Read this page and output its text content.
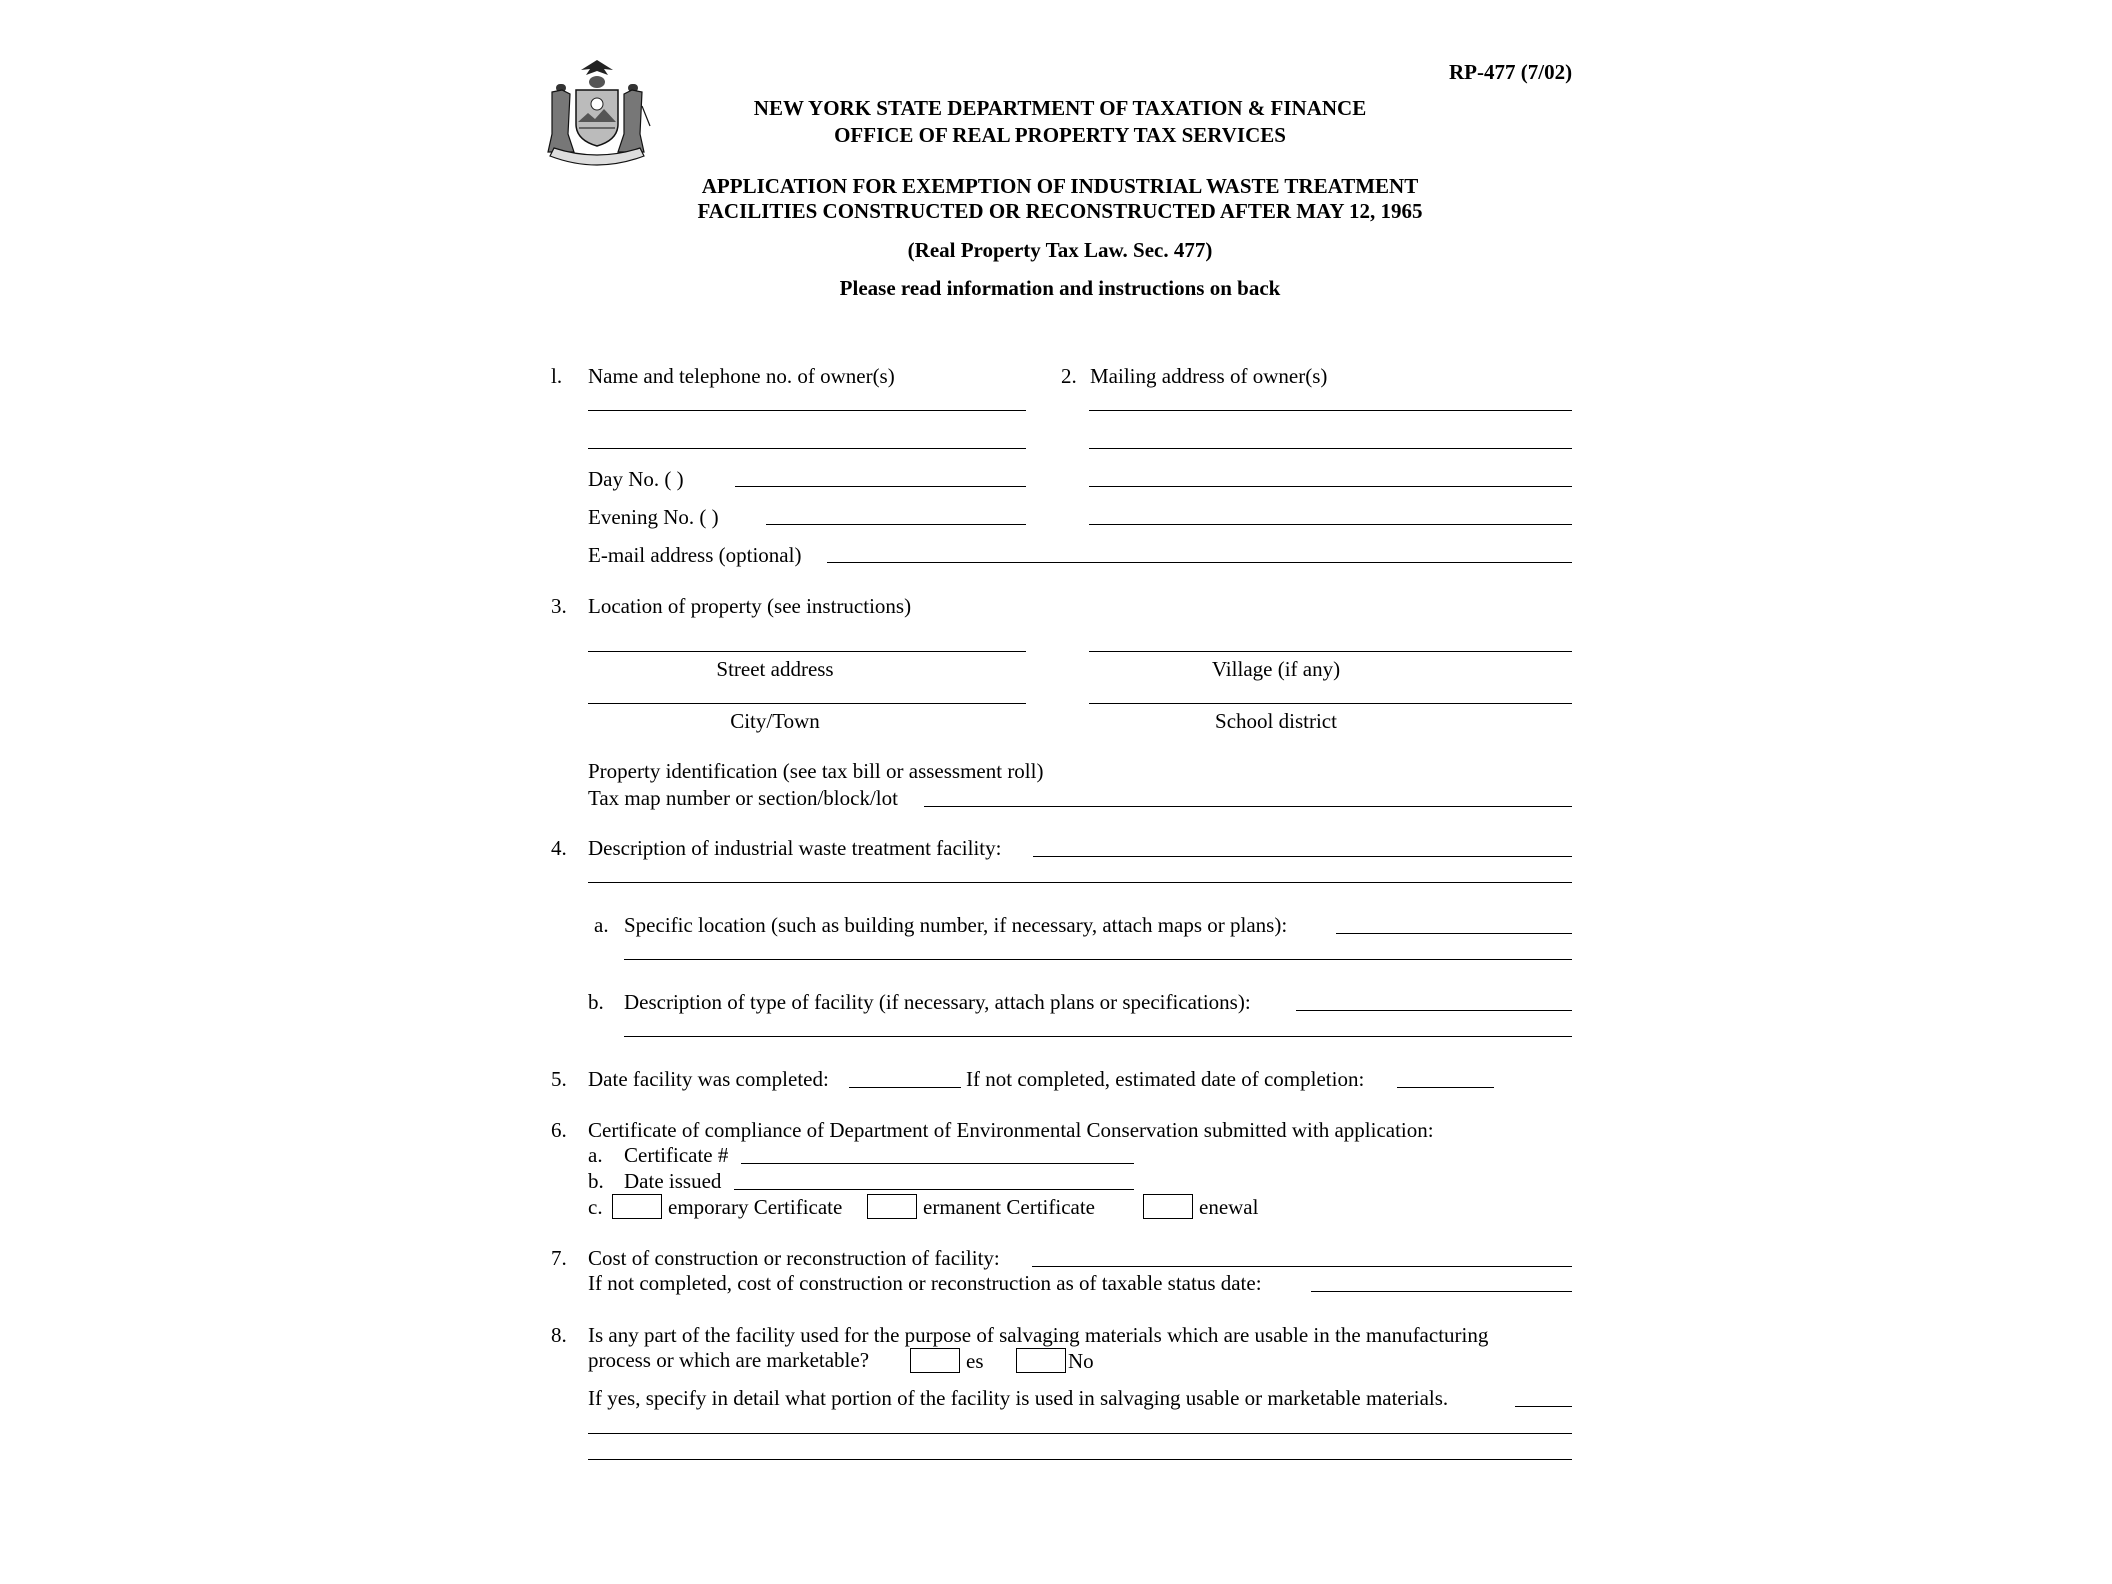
RP-477 (7/02)
NEW YORK STATE DEPARTMENT OF TAXATION & FINANCE
OFFICE OF REAL PROPERTY TAX SERVICES
APPLICATION FOR EXEMPTION OF INDUSTRIAL WASTE TREATMENT
FACILITIES CONSTRUCTED OR RECONSTRUCTED AFTER MAY 12, 1965
(Real Property Tax Law. Sec. 477)
Please read information and instructions on back
l. Name and telephone no. of owner(s)	2. Mailing address of owner(s)
Day No. ( )
Evening No. ( )
E-mail address (optional)
3. Location of property (see instructions)
Street address	Village (if any)
City/Town	School district
Property identification (see tax bill or assessment roll)
Tax map number or section/block/lot
4. Description of industrial waste treatment facility:
a. Specific location (such as building number, if necessary, attach maps or plans):
b. Description of type of facility (if necessary, attach plans or specifications):
5. Date facility was completed:	If not completed, estimated date of completion:
6. Certificate of compliance of Department of Environmental Conservation submitted with application:
a. Certificate #
b. Date issued
c.	emporary Certificate	ermanent Certificate	enewal
7. Cost of construction or reconstruction of facility:
If not completed, cost of construction or reconstruction as of taxable status date:
8. Is any part of the facility used for the purpose of salvaging materials which are usable in the manufacturing
process or which are marketable?	es	No
If yes, specify in detail what portion of the facility is used in salvaging usable or marketable materials.
